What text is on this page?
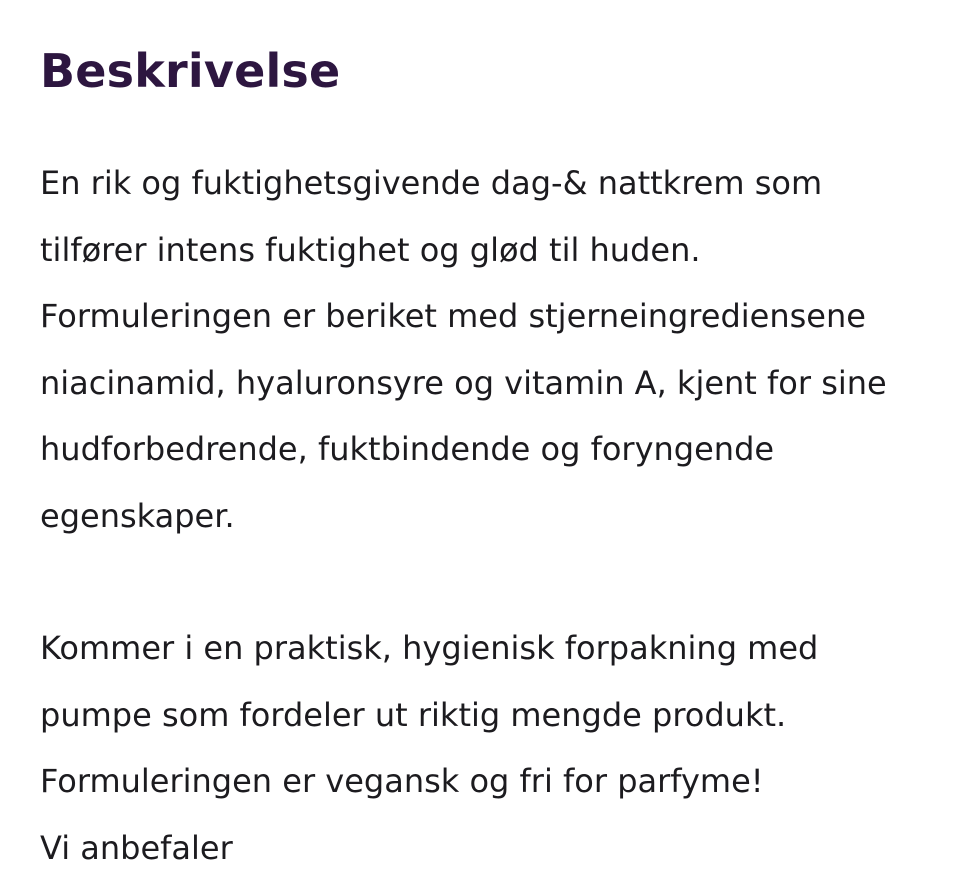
Beskrivelse

En rik og fuktighetsgivende dag-& nattkrem som
tilfører intens fuktighet og glød til huden.
Formuleringen er beriket med stjerneingrediensene
niacinamid, hyaluronsyre og vitamin A, kjent for sine
hudforbedrende, fuktbindende og foryngende
egenskaper.

Kommer i en praktisk, hygienisk forpakning med
pumpe som fordeler ut riktig mengde produkt.
Formuleringen er vegansk og fri for parfyme!

Vi anbefaler
